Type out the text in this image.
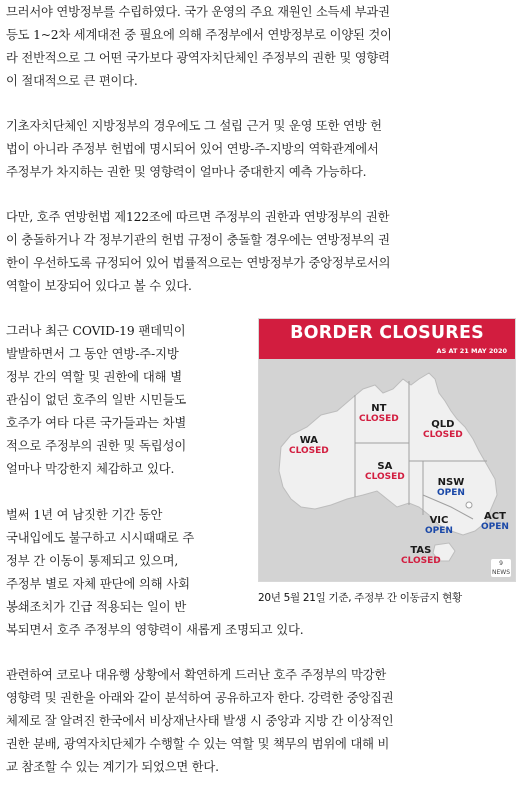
므러서야 연방정부를 수립하였다. 국가 운영의 주요 재원인 소득세 부과권
등도 1~2차 세계대전 중 필요에 의해 주정부에서 연방정부로 이양된 것이
라 전반적으로 그 어떤 국가보다 광역자치단체인 주정부의 권한 및 영향력
이 절대적으로 큰 편이다.
기초자치단체인 지방정부의 경우에도 그 설립 근거 및 운영 또한 연방 헌
법이 아니라 주정부 헌법에 명시되어 있어 연방-주-지방의 역학관계에서
주정부가 차지하는 권한 및 영향력이 얼마나 중대한지 예측 가능하다.
다만, 호주 연방헌법 제122조에 따르면 주정부의 권한과 연방정부의 권한
이 충돌하거나 각 정부기관의 헌법 규정이 충돌할 경우에는 연방정부의 권
한이 우선하도록 규정되어 있어 법률적으로는 연방정부가 중앙정부로서의
역할이 보장되어 있다고 볼 수 있다.
그러나 최근 COVID-19 팬데믹이
발발하면서 그 동안 연방-주-지방
정부 간의 역할 및 권한에 대해 별
관심이 없던 호주의 일반 시민들도
호주가 여타 다른 국가들과는 차별
적으로 주정부의 권한 및 독립성이
얼마나 막강한지 체감하고 있다.
벌써 1년 여 남짓한 기간 동안
국내입에도 불구하고 시시때때로 주
정부 간 이동이 통제되고 있으며,
주정부 별로 자체 판단에 의해 사회
봉쇄조치가 긴급 적용되는 일이 반
복되면서 호주 주정부의 영향력이 새롭게 조명되고 있다.
관련하여 코로나 대유행 상황에서 확연하게 드러난 호주 주정부의 막강한
영향력 및 권한을 아래와 같이 분석하여 공유하고자 한다. 강력한 중앙집권
체제로 잘 알려진 한국에서 비상재난사태 발생 시 중앙과 지방 간 이상적인
권한 분배, 광역자치단체가 수행할 수 있는 역할 및 책무의 범위에 대해 비
교 참조할 수 있는 계기가 되었으면 한다.
BORDER CLOSURES
AS AT 21 MAY 2020
WA
CLOSED
NT
CLOSED	QLD
CLOSED
SA
CLOSED	NSW
OPEN
ACT
OPEN
VIC
OPEN
TAS
CLOSED	9 NEWS
20년 5월 21일 기준, 주정부 간 이동금지 현황
